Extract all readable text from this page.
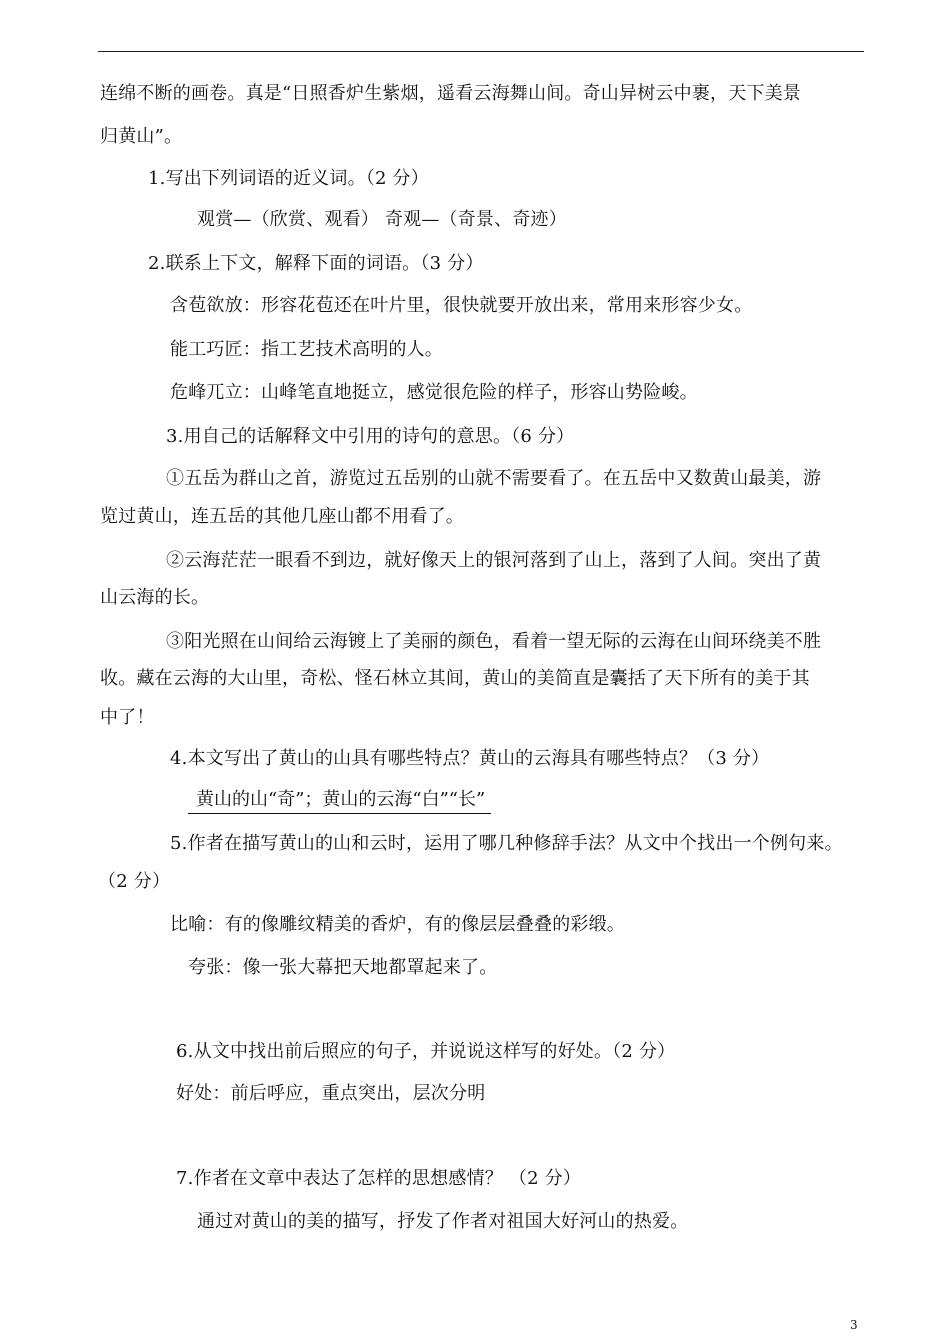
连绵不断的画卷。真是“日照香炉生紫烟，遥看云海舞山间。奇山异树云中裹，天下美景
归黄山”。
1.写出下列词语的近义词。（2 分）
观赏—（欣赏、观看） 奇观—（奇景、奇迹）
2.联系上下文，解释下面的词语。（3 分）
含苞欲放：形容花苞还在叶片里，很快就要开放出来，常用来形容少女。
能工巧匠：指工艺技术高明的人。
危峰兀立：山峰笔直地挺立，感觉很危险的样子，形容山势险峻。
3.用自己的话解释文中引用的诗句的意思。（6 分）
①五岳为群山之首，游览过五岳别的山就不需要看了。在五岳中又数黄山最美，游
览过黄山，连五岳的其他几座山都不用看了。
②云海茫茫一眼看不到边，就好像天上的银河落到了山上，落到了人间。突出了黄
山云海的长。
③阳光照在山间给云海镀上了美丽的颜色，看着一望无际的云海在山间环绕美不胜
收。藏在云海的大山里，奇松、怪石林立其间，黄山的美简直是囊括了天下所有的美于其
中了！
4.本文写出了黄山的山具有哪些特点？黄山的云海具有哪些特点？（3 分）
黄山的山“奇”；黄山的云海“白”“长”
5.作者在描写黄山的山和云时，运用了哪几种修辞手法？从文中个找出一个例句来。
（2 分）
比喻：有的像雕纹精美的香炉，有的像层层叠叠的彩缎。
夸张：像一张大幕把天地都罩起来了。
6.从文中找出前后照应的句子，并说说这样写的好处。（2 分）
好处：前后呼应，重点突出，层次分明
7.作者在文章中表达了怎样的思想感情？ （2 分）
通过对黄山的美的描写，抒发了作者对祖国大好河山的热爱。
3
